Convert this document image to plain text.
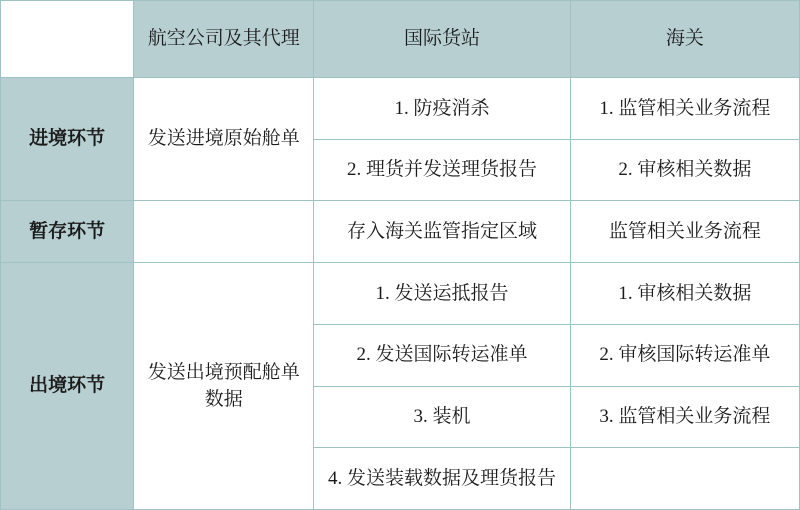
	航空公司及其代理	国际货站	海关
进境环节	发送进境原始舱单	1. 防疫消杀	1. 监管相关业务流程
		2. 理货并发送理货报告	2. 审核相关数据
暂存环节		存入海关监管指定区域	监管相关业务流程
出境环节	发送出境预配舱单数据	1. 发送运抵报告	1. 审核相关数据
		2. 发送国际转运准单	2. 审核国际转运准单
		3. 装机	3. 监管相关业务流程
		4. 发送装载数据及理货报告	
